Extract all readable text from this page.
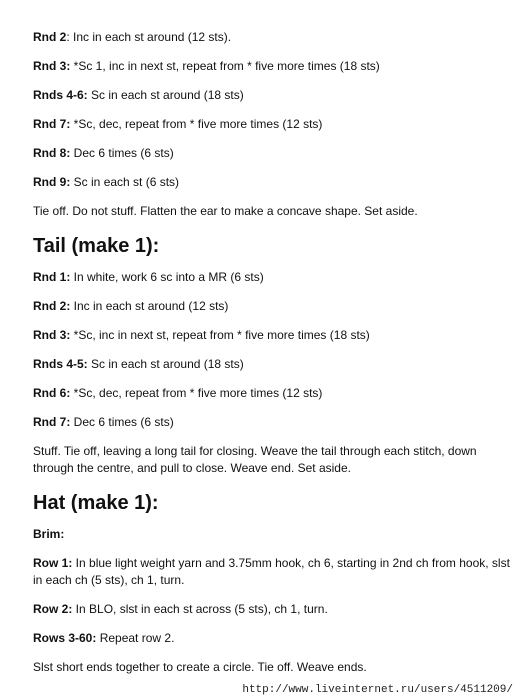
Rnd 2: Inc in each st around (12 sts).

Rnd 3: *Sc 1, inc in next st, repeat from * five more times (18 sts)

Rnds 4-6: Sc in each st around (18 sts)

Rnd 7: *Sc, dec, repeat from * five more times (12 sts)

Rnd 8: Dec 6 times (6 sts)

Rnd 9: Sc in each st (6 sts)

Tie off. Do not stuff. Flatten the ear to make a concave shape. Set aside.

Tail (make 1):

Rnd 1: In white, work 6 sc into a MR (6 sts)

Rnd 2: Inc in each st around (12 sts)

Rnd 3: *Sc, inc in next st, repeat from * five more times (18 sts)

Rnds 4-5: Sc in each st around (18 sts)

Rnd 6: *Sc, dec, repeat from * five more times (12 sts)

Rnd 7: Dec 6 times (6 sts)

Stuff. Tie off, leaving a long tail for closing. Weave the tail through each stitch, down through the centre, and pull to close. Weave end. Set aside.

Hat (make 1):

Brim:

Row 1: In blue light weight yarn and 3.75mm hook, ch 6, starting in 2nd ch from hook, slst in each ch (5 sts), ch 1, turn.

Row 2: In BLO, slst in each st across (5 sts), ch 1, turn.

Rows 3-60: Repeat row 2.

Slst short ends together to create a circle. Tie off. Weave ends.

http://www.liveinternet.ru/users/4511209/
